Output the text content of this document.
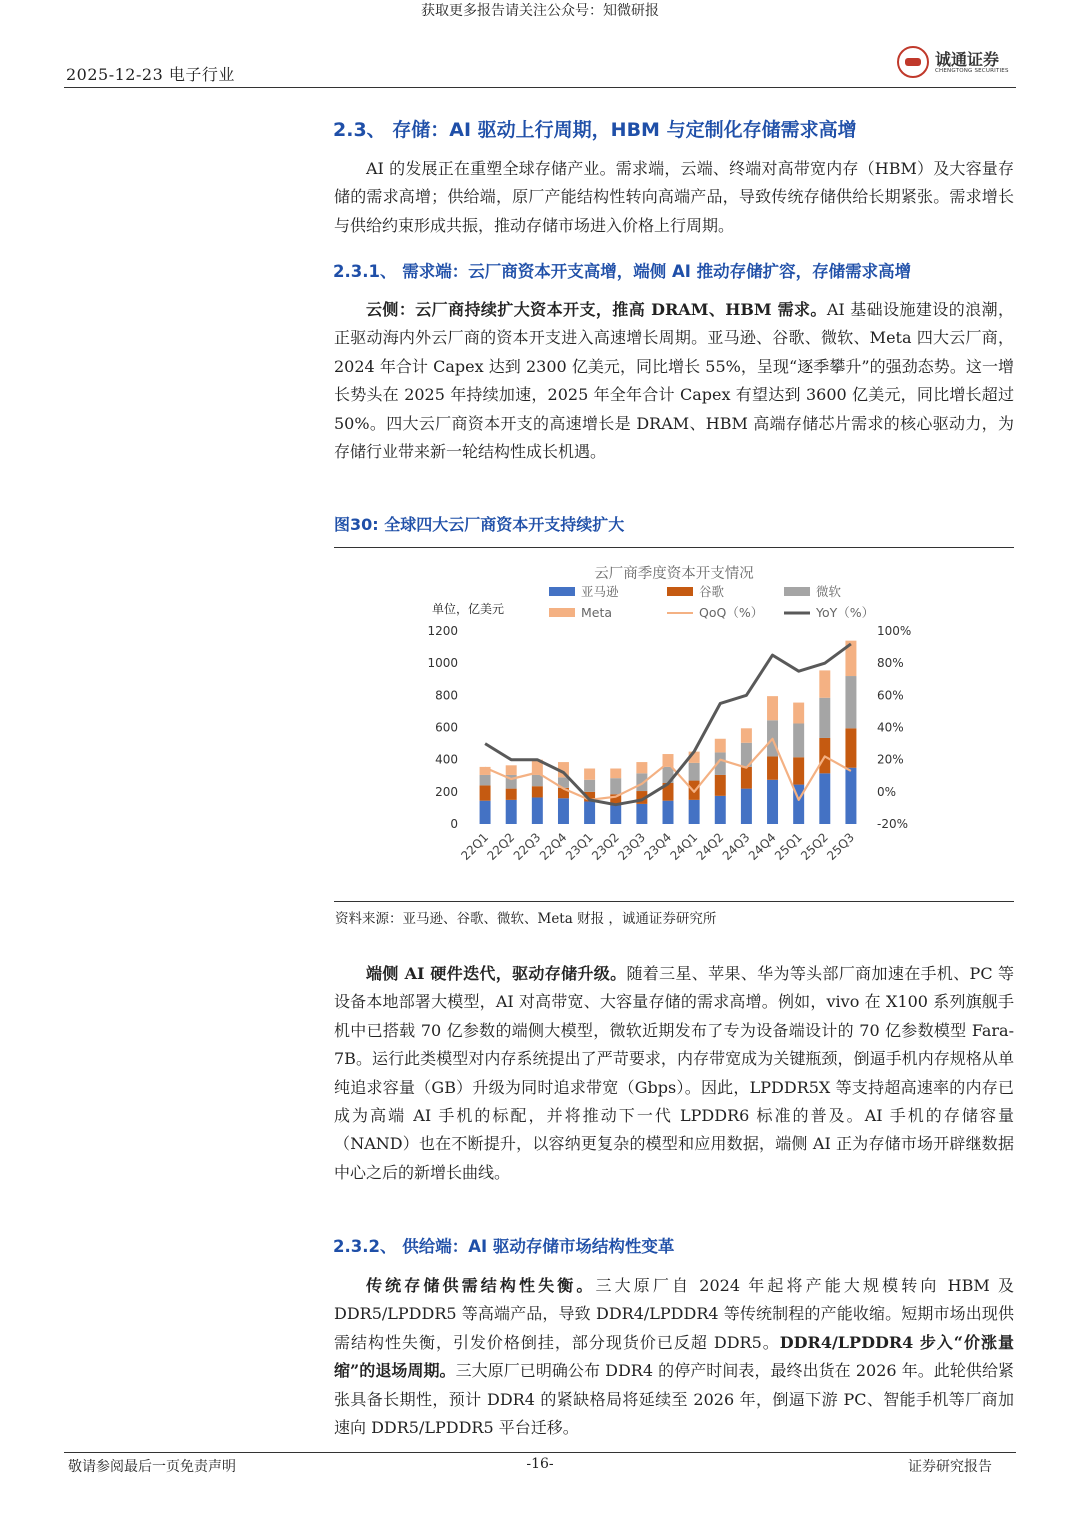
获取更多报告请关注公众号：知微研报
2025-12-23 电子行业
诚通证券
CHENGTONG SECURITIES
2.3、 存储：AI 驱动上行周期，HBM 与定制化存储需求高增

AI 的发展正在重塑全球存储产业。需求端，云端、终端对高带宽内存（HBM）及大容量存储的需求高增；供给端，原厂产能结构性转向高端产品，导致传统存储供给长期紧张。需求增长与供给约束形成共振，推动存储市场进入价格上行周期。

2.3.1、 需求端：云厂商资本开支高增，端侧 AI 推动存储扩容，存储需求高增

云侧：云厂商持续扩大资本开支，推高 DRAM、HBM 需求。AI 基础设施建设的浪潮，正驱动海内外云厂商的资本开支进入高速增长周期。亚马逊、谷歌、微软、Meta 四大云厂商，2024 年合计 Capex 达到 2300 亿美元，同比增长 55%，呈现“逐季攀升”的强劲态势。这一增长势头在 2025 年持续加速，2025 年全年合计 Capex 有望达到 3600 亿美元，同比增长超过 50%。四大云厂商资本开支的高速增长是 DRAM、HBM 高端存储芯片需求的核心驱动力，为存储行业带来新一轮结构性成长机遇。

图30: 全球四大云厂商资本开支持续扩大
云厂商季度资本开支情况
亚马逊	谷歌	微软
Meta	QoQ（%）	YoY（%）
单位，亿美元
0
200
400
600
800
1000
1200
-20%
0%
20%
40%
60%
80%
100%
22Q1
22Q2
22Q3
22Q4
23Q1
23Q2
23Q3
23Q4
24Q1
24Q2
24Q3
24Q4
25Q1
25Q2
25Q3
资料来源：亚马逊、谷歌、微软、Meta 财报 ，诚通证券研究所

端侧 AI 硬件迭代，驱动存储升级。随着三星、苹果、华为等头部厂商加速在手机、PC 等设备本地部署大模型，AI 对高带宽、大容量存储的需求高增。例如，vivo 在 X100 系列旗舰手机中已搭载 70 亿参数的端侧大模型，微软近期发布了专为设备端设计的 70 亿参数模型 Fara-7B。运行此类模型对内存系统提出了严苛要求，内存带宽成为关键瓶颈，倒逼手机内存规格从单纯追求容量（GB）升级为同时追求带宽（Gbps）。因此，LPDDR5X 等支持超高速率的内存已成为高端 AI 手机的标配，并将推动下一代 LPDDR6 标准的普及。AI 手机的存储容量（NAND）也在不断提升，以容纳更复杂的模型和应用数据，端侧 AI 正为存储市场开辟继数据中心之后的新增长曲线。

2.3.2、 供给端：AI 驱动存储市场结构性变革

传统存储供需结构性失衡。三大原厂自 2024 年起将产能大规模转向 HBM 及 DDR5/LPDDR5 等高端产品，导致 DDR4/LPDDR4 等传统制程的产能收缩。短期市场出现供需结构性失衡，引发价格倒挂，部分现货价已反超 DDR5。DDR4/LPDDR4 步入“价涨量缩”的退场周期。三大原厂已明确公布 DDR4 的停产时间表，最终出货在 2026 年。此轮供给紧张具备长期性，预计 DDR4 的紧缺格局将延续至 2026 年，倒逼下游 PC、智能手机等厂商加速向 DDR5/LPDDR5 平台迁移。

敬请参阅最后一页免责声明	-16-	证券研究报告
